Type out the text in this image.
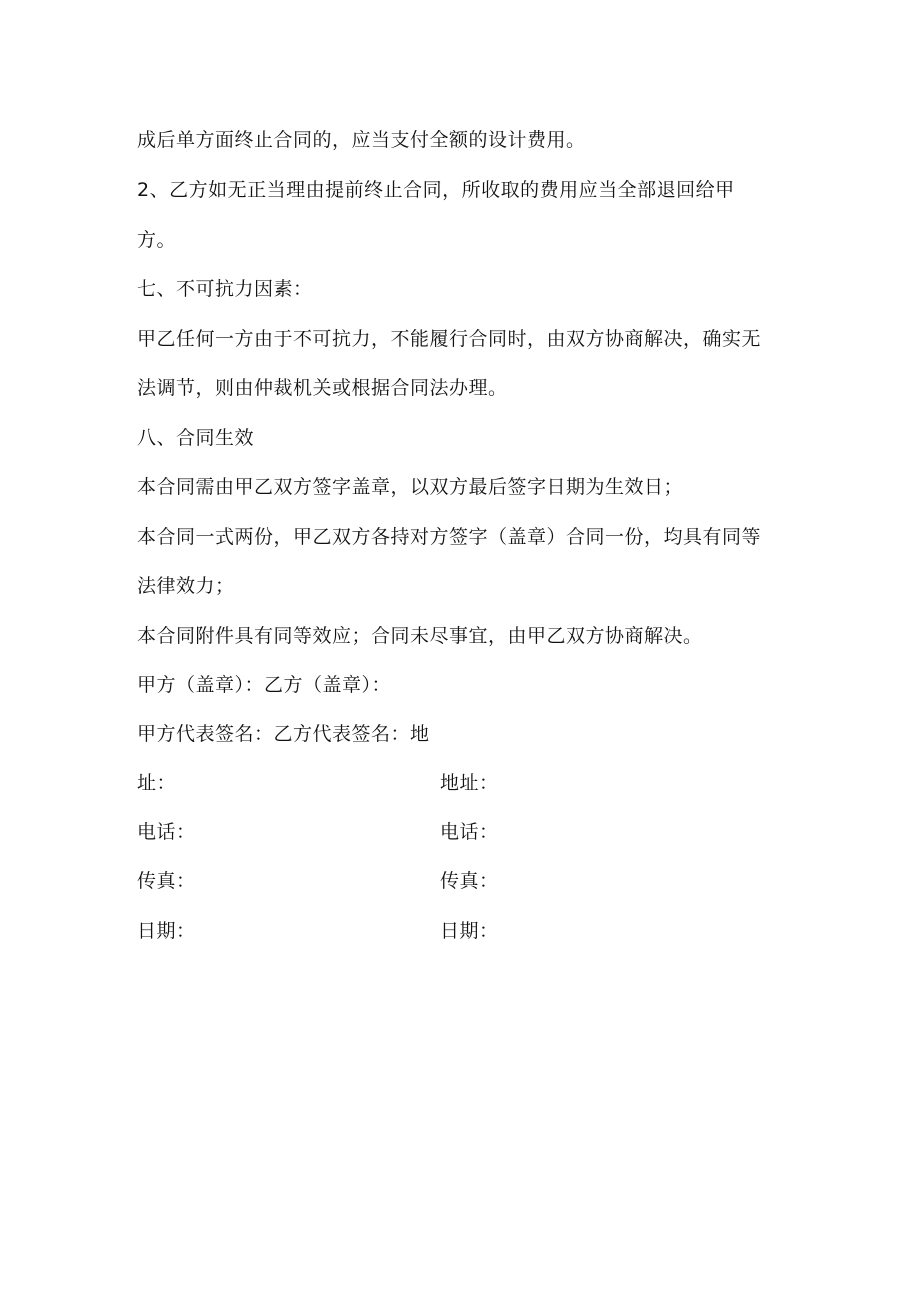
成后单方面终止合同的，应当支付全额的设计费用。
2、乙方如无正当理由提前终止合同，所收取的费用应当全部退回给甲
方。
七、不可抗力因素：
甲乙任何一方由于不可抗力，不能履行合同时，由双方协商解决，确实无
法调节，则由仲裁机关或根据合同法办理。
八、合同生效
本合同需由甲乙双方签字盖章，以双方最后签字日期为生效日；
本合同一式两份，甲乙双方各持对方签字（盖章）合同一份，均具有同等
法律效力；
本合同附件具有同等效应；合同未尽事宜，由甲乙双方协商解决。
甲方（盖章）：乙方（盖章）：
甲方代表签名：乙方代表签名：地
址：	地址：
电话：	电话：
传真：	传真：
日期：	日期：
